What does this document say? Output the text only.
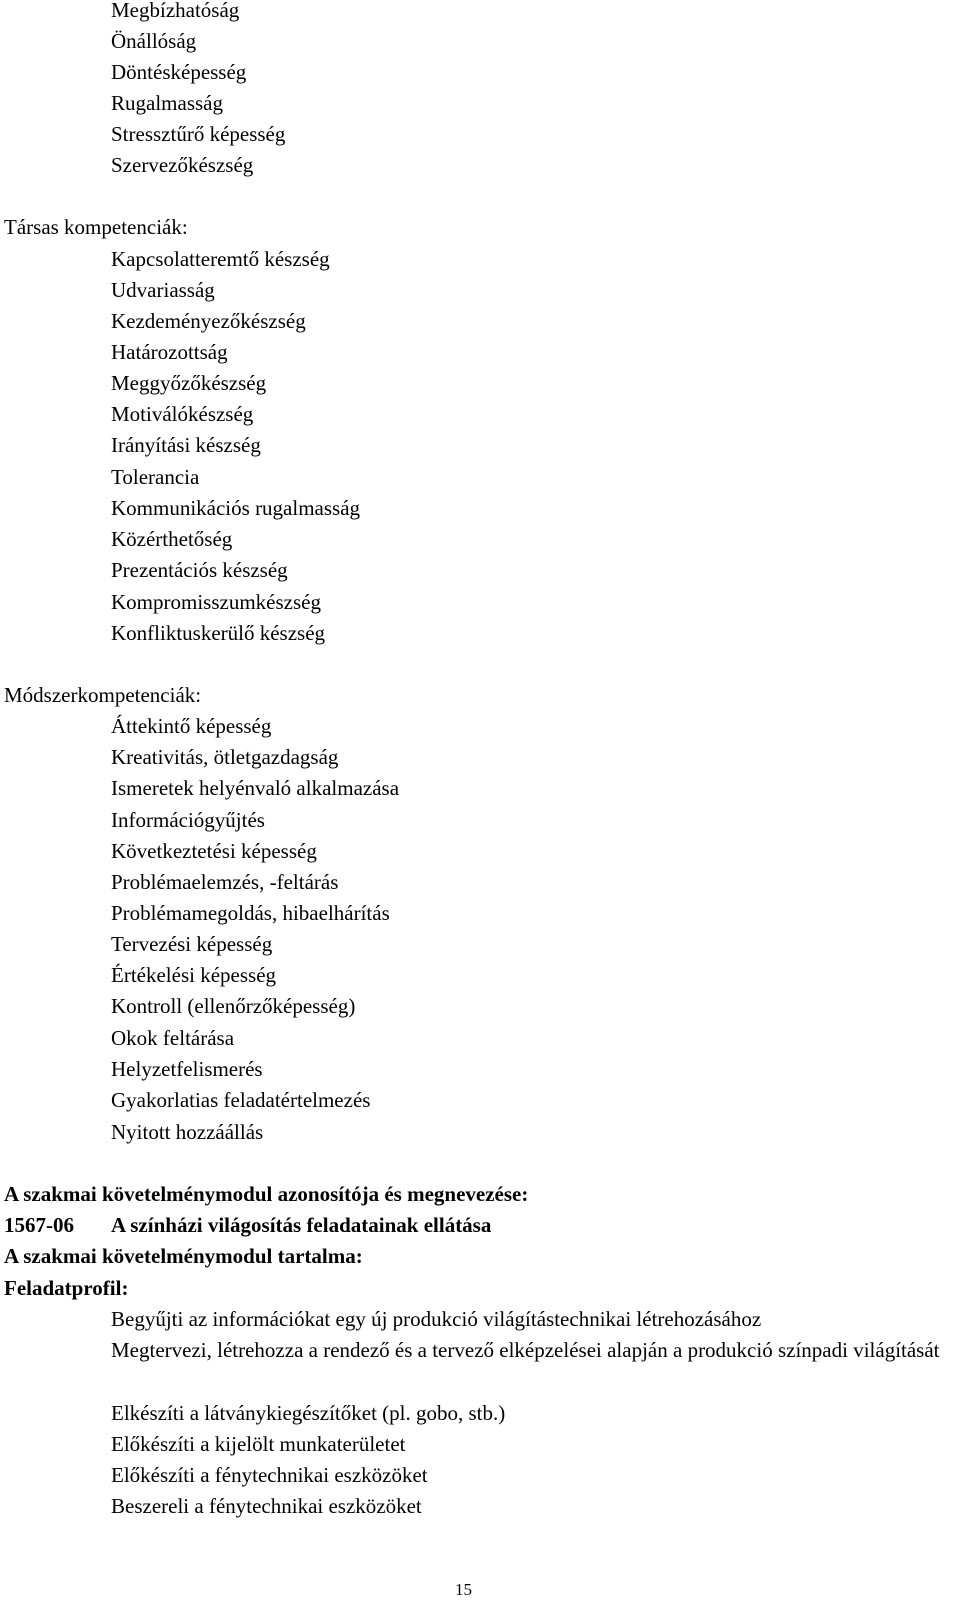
Megbízhatóság
Önállóság
Döntésképesség
Rugalmasság
Stressztűrő képesség
Szervezőkészség
Társas kompetenciák:
Kapcsolatteremtő készség
Udvariasság
Kezdeményezőkészség
Határozottság
Meggyőzőkészség
Motiválókészség
Irányítási készség
Tolerancia
Kommunikációs rugalmasság
Közérthetőség
Prezentációs készség
Kompromisszumkészség
Konfliktuskerülő készség
Módszerkompetenciák:
Áttekintő képesség
Kreativitás, ötletgazdagság
Ismeretek helyénvaló alkalmazása
Információgyűjtés
Következtetési képesség
Problémaelemzés, -feltárás
Problémamegoldás, hibaelhárítás
Tervezési képesség
Értékelési képesség
Kontroll (ellenőrzőképesség)
Okok feltárása
Helyzetfelismerés
Gyakorlatias feladatértelmezés
Nyitott hozzáállás
A szakmai követelménymodul azonosítója és megnevezése:
1567-06 A színházi világosítás feladatainak ellátása
A szakmai követelménymodul tartalma:
Feladatprofil:
Begyűjti az információkat egy új produkció világítástechnikai létrehozásához
Megtervezi, létrehozza a rendező és a tervező elképzelései alapján a produkció színpadi világítását
Elkészíti a látványkiegészítőket (pl. gobo, stb.)
Előkészíti a kijelölt munkaterületet
Előkészíti a fénytechnikai eszközöket
Beszereli a fénytechnikai eszközöket
15
